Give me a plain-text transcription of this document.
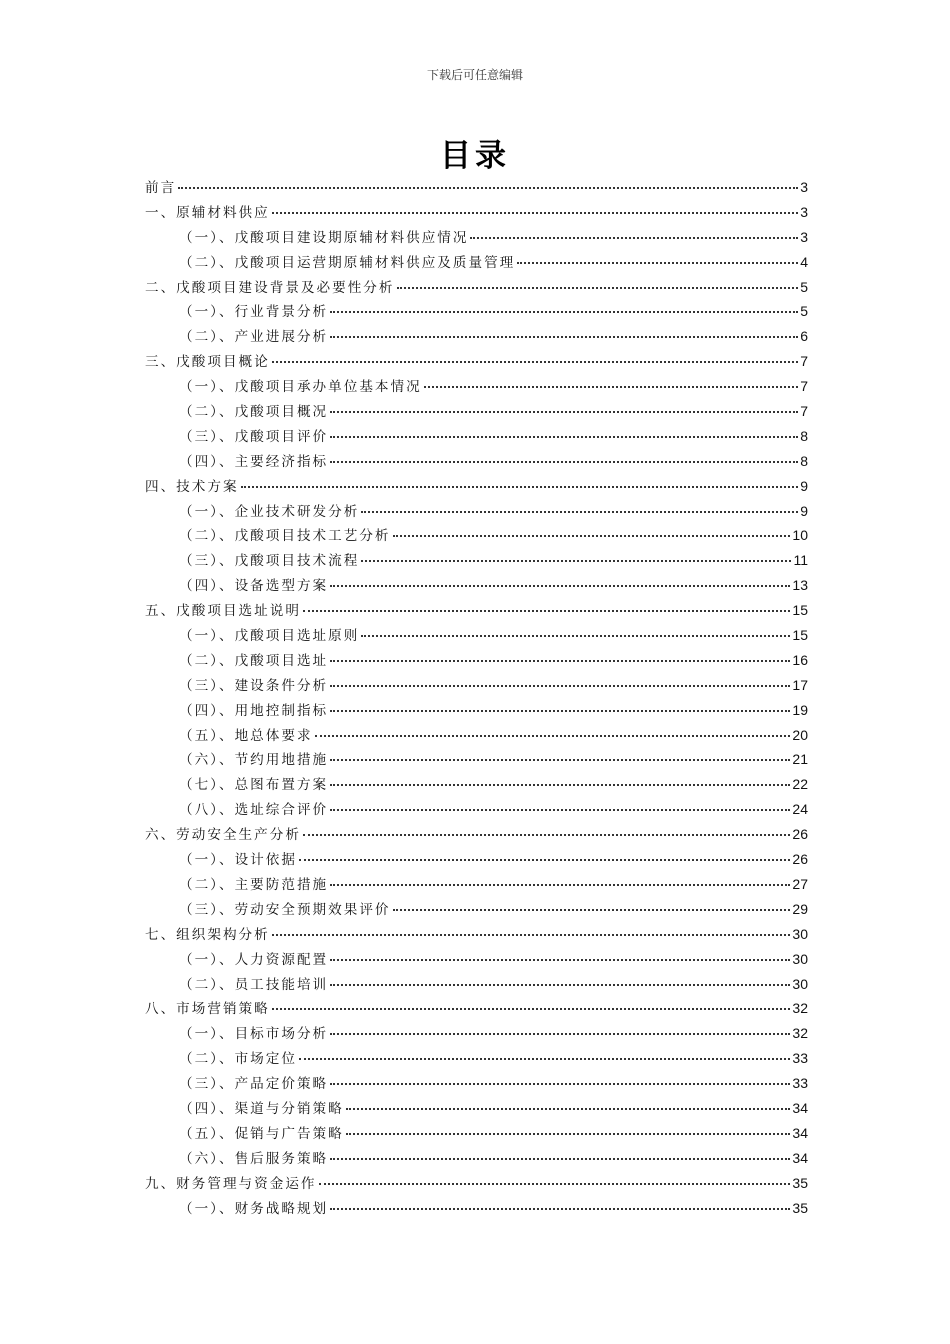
下载后可任意编辑
目录
前言	3
一、原辅材料供应	3
（一）、戊酸项目建设期原辅材料供应情况	3
（二）、戊酸项目运营期原辅材料供应及质量管理	4
二、戊酸项目建设背景及必要性分析	5
（一）、行业背景分析	5
（二）、产业进展分析	6
三、戊酸项目概论	7
（一）、戊酸项目承办单位基本情况	7
（二）、戊酸项目概况	7
（三）、戊酸项目评价	8
（四）、主要经济指标	8
四、技术方案	9
（一）、企业技术研发分析	9
（二）、戊酸项目技术工艺分析	10
（三）、戊酸项目技术流程	11
（四）、设备选型方案	13
五、戊酸项目选址说明	15
（一）、戊酸项目选址原则	15
（二）、戊酸项目选址	16
（三）、建设条件分析	17
（四）、用地控制指标	19
（五）、地总体要求	20
（六）、节约用地措施	21
（七）、总图布置方案	22
（八）、选址综合评价	24
六、劳动安全生产分析	26
（一）、设计依据	26
（二）、主要防范措施	27
（三）、劳动安全预期效果评价	29
七、组织架构分析	30
（一）、人力资源配置	30
（二）、员工技能培训	30
八、市场营销策略	32
（一）、目标市场分析	32
（二）、市场定位	33
（三）、产品定价策略	33
（四）、渠道与分销策略	34
（五）、促销与广告策略	34
（六）、售后服务策略	34
九、财务管理与资金运作	35
（一）、财务战略规划	35
